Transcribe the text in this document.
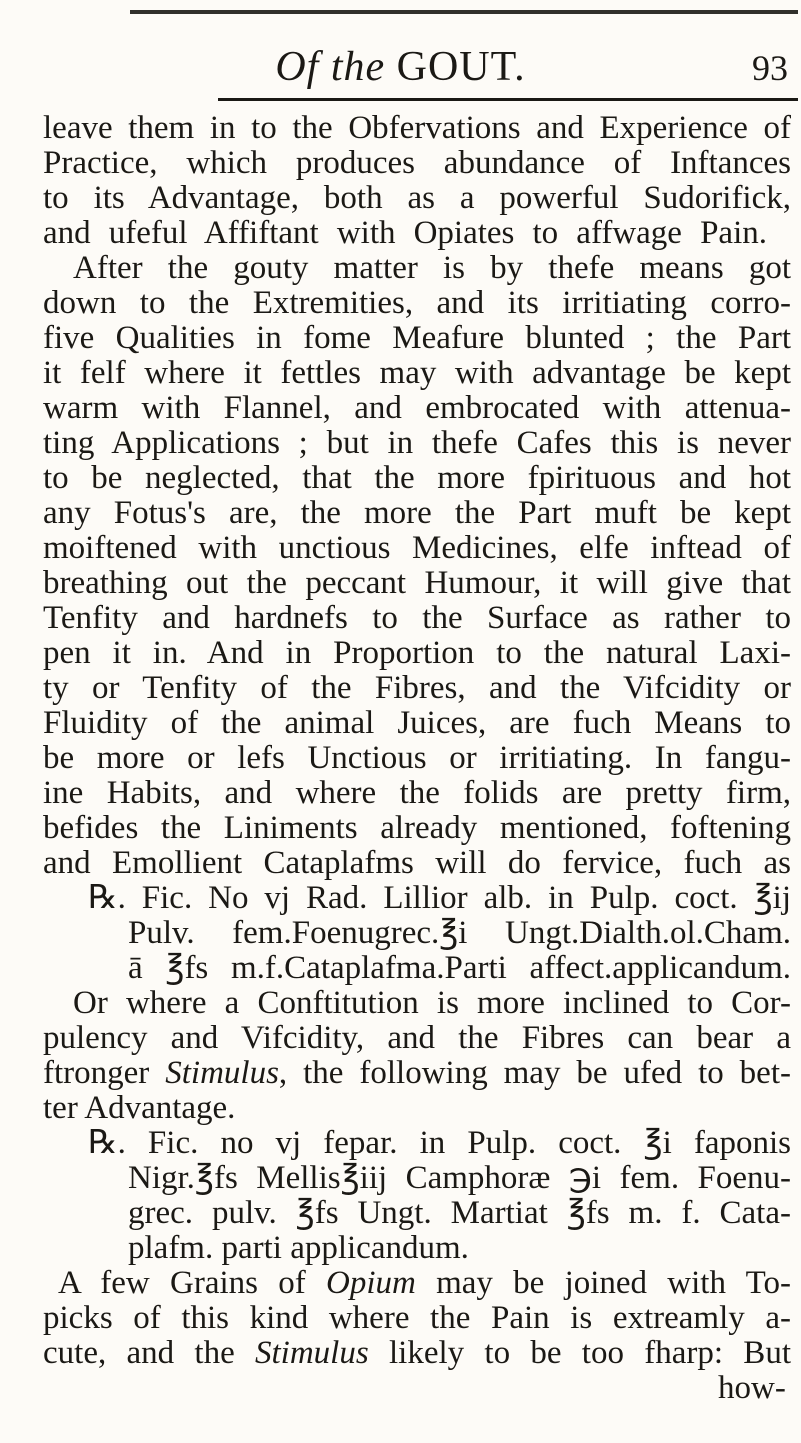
Of the GOUT.	93
leave them in to the Obfervations and Experience of
Practice, which produces abundance of Inftances
to its Advantage, both as a powerful Sudorifick,
and ufeful Affiftant with Opiates to affwage Pain.
After the gouty matter is by thefe means got
down to the Extremities, and its irritiating corro-
five Qualities in fome Meafure blunted ; the Part
it felf where it fettles may with advantage be kept
warm with Flannel, and embrocated with attenua-
ting Applications ; but in thefe Cafes this is never
to be neglected, that the more fpirituous and hot
any Fotus's are, the more the Part muft be kept
moiftened with unctious Medicines, elfe inftead of
breathing out the peccant Humour, it will give that
Tenfity and hardnefs to the Surface as rather to
pen it in. And in Proportion to the natural Laxi-
ty or Tenfity of the Fibres, and the Vifcidity or
Fluidity of the animal Juices, are fuch Means to
be more or lefs Unctious or irritiating. In fangu-
ine Habits, and where the folids are pretty firm,
befides the Liniments already mentioned, foftening
and Emollient Cataplafms will do fervice, fuch as
℞. Fic. No vj Rad. Lillior alb. in Pulp. coct. ℥ij
Pulv. fem.Foenugrec.℥i Ungt.Dialth.ol.Cham.
ā ℥fs m.f.Cataplafma.Parti affect.applicandum.
Or where a Conftitution is more inclined to Cor-
pulency and Vifcidity, and the Fibres can bear a
ftronger Stimulus, the following may be ufed to bet-
ter Advantage.
℞. Fic. no vj fepar. in Pulp. coct. ℥i faponis
Nigr.℥fs Mellis℥iij Camphoræ ℈i fem. Foenu-
grec. pulv. ℥fs Ungt. Martiat ℥fs m. f. Cata-
plafm. parti applicandum.
A few Grains of Opium may be joined with To-
picks of this kind where the Pain is extreamly a-
cute, and the Stimulus likely to be too fharp: But
how-
